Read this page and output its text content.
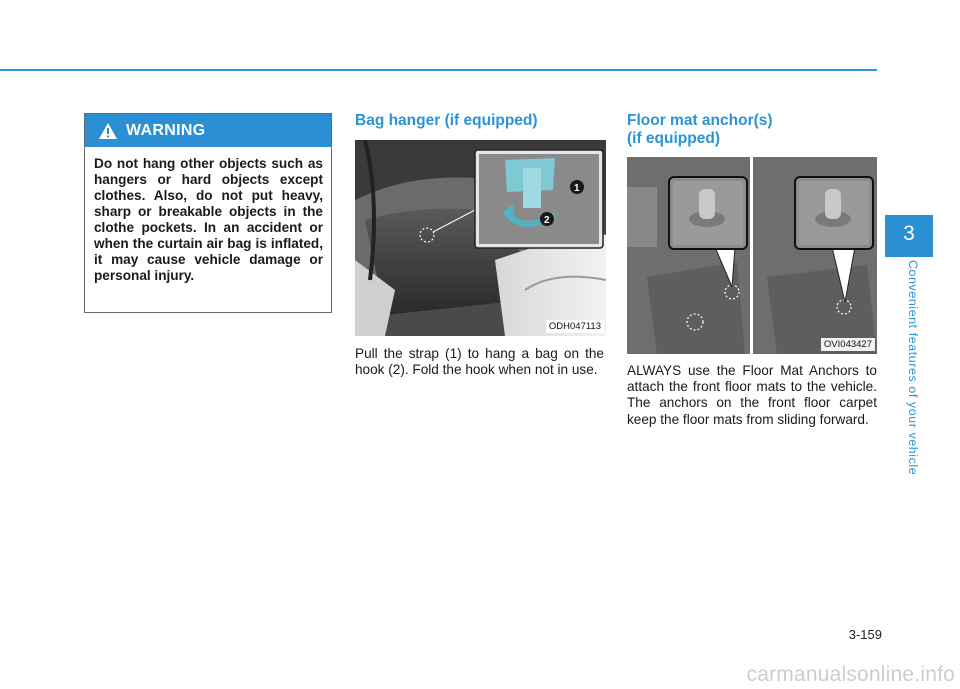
WARNING
Do not hang other objects such as hangers or hard objects except clothes. Also, do not put heavy, sharp or breakable objects in the clothe pockets. In an accident or when the curtain air bag is inflated, it may cause vehicle damage or personal injury.
Bag hanger (if equipped)
1
2
ODH047113
Pull the strap (1) to hang a bag on the hook (2). Fold the hook when not in use.
Floor mat anchor(s)
(if equipped)
OVI043427
ALWAYS use the Floor Mat Anchors to attach the front floor mats to the vehicle. The anchors on the front floor carpet keep the floor mats from sliding forward.
3
Convenient features of your vehicle
3-159
carmanualsonline.info
